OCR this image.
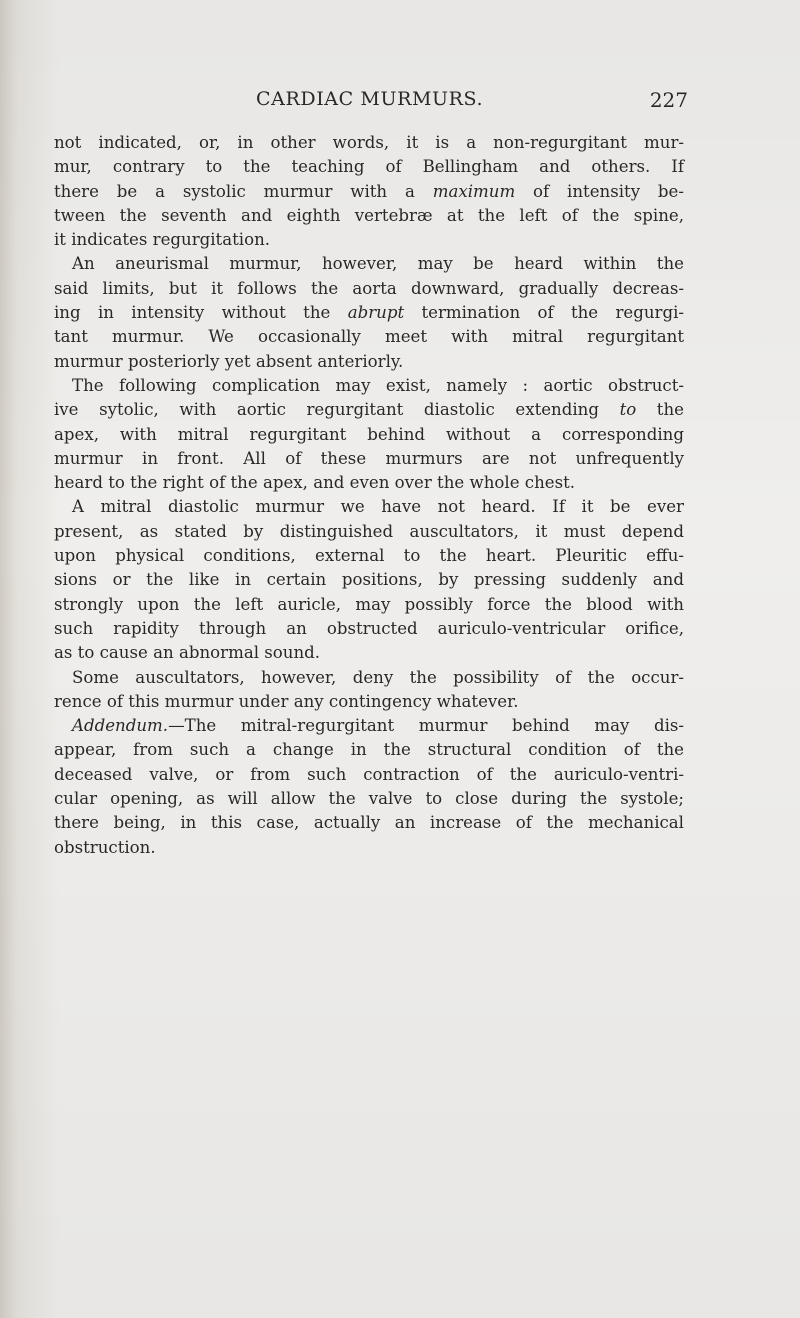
CARDIAC MURMURS.	227
not indicated, or, in other words, it is a non-regurgitant mur-
mur, contrary to the teaching of Bellingham and others. If
there be a systolic murmur with a maximum of intensity be-
tween the seventh and eighth vertebræ at the left of the spine,
it indicates regurgitation.
An aneurismal murmur, however, may be heard within the
said limits, but it follows the aorta downward, gradually decreas-
ing in intensity without the abrupt termination of the regurgi-
tant murmur. We occasionally meet with mitral regurgitant
murmur posteriorly yet absent anteriorly.
The following complication may exist, namely : aortic obstruct-
ive sytolic, with aortic regurgitant diastolic extending to the
apex, with mitral regurgitant behind without a corresponding
murmur in front. All of these murmurs are not unfrequently
heard to the right of the apex, and even over the whole chest.
A mitral diastolic murmur we have not heard. If it be ever
present, as stated by distinguished auscultators, it must depend
upon physical conditions, external to the heart. Pleuritic effu-
sions or the like in certain positions, by pressing suddenly and
strongly upon the left auricle, may possibly force the blood with
such rapidity through an obstructed auriculo-ventricular orifice,
as to cause an abnormal sound.
Some auscultators, however, deny the possibility of the occur-
rence of this murmur under any contingency whatever.
Addendum.—The mitral-regurgitant murmur behind may dis-
appear, from such a change in the structural condition of the
deceased valve, or from such contraction of the auriculo-ventri-
cular opening, as will allow the valve to close during the systole;
there being, in this case, actually an increase of the mechanical
obstruction.
